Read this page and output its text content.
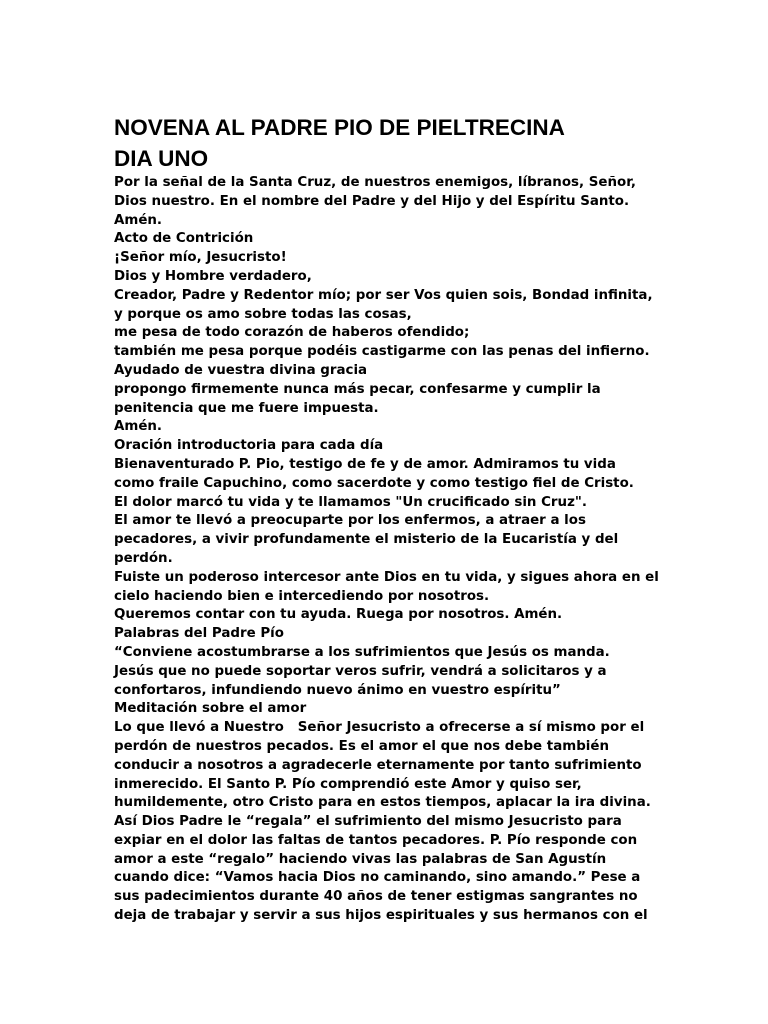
NOVENA AL PADRE PIO DE PIELTRECINA
DIA UNO
Por la señal de la Santa Cruz, de nuestros enemigos, líbranos, Señor,
Dios nuestro. En el nombre del Padre y del Hijo y del Espíritu Santo.
Amén.
Acto de Contrición
¡Señor mío, Jesucristo!
Dios y Hombre verdadero,
Creador, Padre y Redentor mío; por ser Vos quien sois, Bondad infinita,
y porque os amo sobre todas las cosas,
me pesa de todo corazón de haberos ofendido;
también me pesa porque podéis castigarme con las penas del infierno.
Ayudado de vuestra divina gracia
propongo firmemente nunca más pecar, confesarme y cumplir la
penitencia que me fuere impuesta.
Amén.
Oración introductoria para cada día
Bienaventurado P. Pio, testigo de fe y de amor. Admiramos tu vida
como fraile Capuchino, como sacerdote y como testigo fiel de Cristo.
El dolor marcó tu vida y te llamamos "Un crucificado sin Cruz".
El amor te llevó a preocuparte por los enfermos, a atraer a los
pecadores, a vivir profundamente el misterio de la Eucaristía y del
perdón.
Fuiste un poderoso intercesor ante Dios en tu vida, y sigues ahora en el
cielo haciendo bien e intercediendo por nosotros.
Queremos contar con tu ayuda. Ruega por nosotros. Amén.
Palabras del Padre Pío
“Conviene acostumbrarse a los sufrimientos que Jesús os manda.
Jesús que no puede soportar veros sufrir, vendrá a solicitaros y a
confortaros, infundiendo nuevo ánimo en vuestro espíritu”
Meditación sobre el amor
Lo que llevó a Nuestro   Señor Jesucristo a ofrecerse a sí mismo por el
perdón de nuestros pecados. Es el amor el que nos debe también
conducir a nosotros a agradecerle eternamente por tanto sufrimiento
inmerecido. El Santo P. Pío comprendió este Amor y quiso ser,
humildemente, otro Cristo para en estos tiempos, aplacar la ira divina.
Así Dios Padre le “regala” el sufrimiento del mismo Jesucristo para
expiar en el dolor las faltas de tantos pecadores. P. Pío responde con
amor a este “regalo” haciendo vivas las palabras de San Agustín
cuando dice: “Vamos hacia Dios no caminando, sino amando.” Pese a
sus padecimientos durante 40 años de tener estigmas sangrantes no
deja de trabajar y servir a sus hijos espirituales y sus hermanos con el
